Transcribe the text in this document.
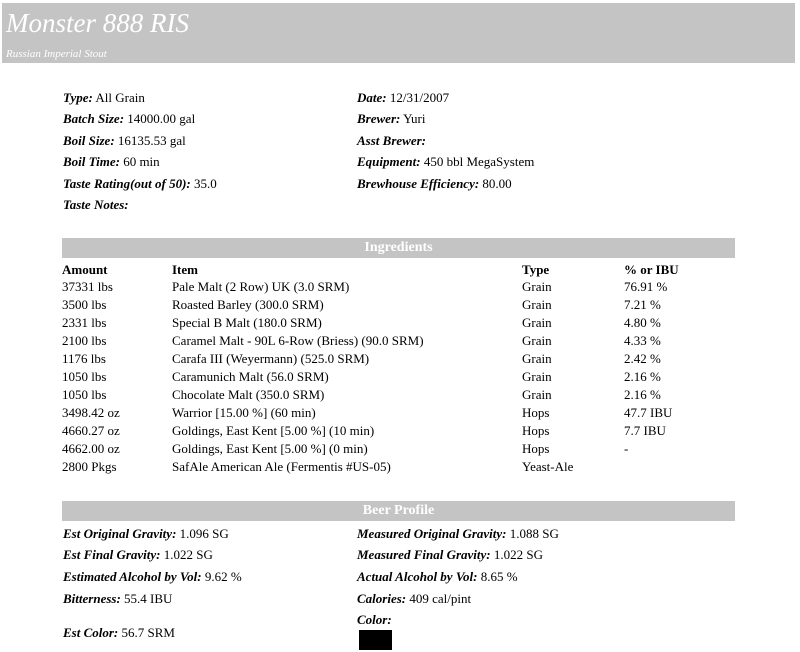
Monster 888 RIS
Russian Imperial Stout
Type: All Grain
Batch Size: 14000.00 gal
Boil Size: 16135.53 gal
Boil Time: 60 min
Taste Rating(out of 50): 35.0
Taste Notes:
Date: 12/31/2007
Brewer: Yuri
Asst Brewer:
Equipment: 450 bbl MegaSystem
Brewhouse Efficiency: 80.00
Ingredients
Amount	Item	Type	% or IBU
37331 lbs	Pale Malt (2 Row) UK (3.0 SRM)	Grain	76.91 %
3500 lbs	Roasted Barley (300.0 SRM)	Grain	7.21 %
2331 lbs	Special B Malt (180.0 SRM)	Grain	4.80 %
2100 lbs	Caramel Malt - 90L 6-Row (Briess) (90.0 SRM)	Grain	4.33 %
1176 lbs	Carafa III (Weyermann) (525.0 SRM)	Grain	2.42 %
1050 lbs	Caramunich Malt (56.0 SRM)	Grain	2.16 %
1050 lbs	Chocolate Malt (350.0 SRM)	Grain	2.16 %
3498.42 oz	Warrior [15.00 %] (60 min)	Hops	47.7 IBU
4660.27 oz	Goldings, East Kent [5.00 %] (10 min)	Hops	7.7 IBU
4662.00 oz	Goldings, East Kent [5.00 %] (0 min)	Hops	-
2800 Pkgs	SafAle American Ale (Fermentis #US-05)	Yeast-Ale	
Beer Profile
Est Original Gravity: 1.096 SG
Est Final Gravity: 1.022 SG
Estimated Alcohol by Vol: 9.62 %
Bitterness: 55.4 IBU
Est Color: 56.7 SRM
Measured Original Gravity: 1.088 SG
Measured Final Gravity: 1.022 SG
Actual Alcohol by Vol: 8.65 %
Calories: 409 cal/pint
Color:
